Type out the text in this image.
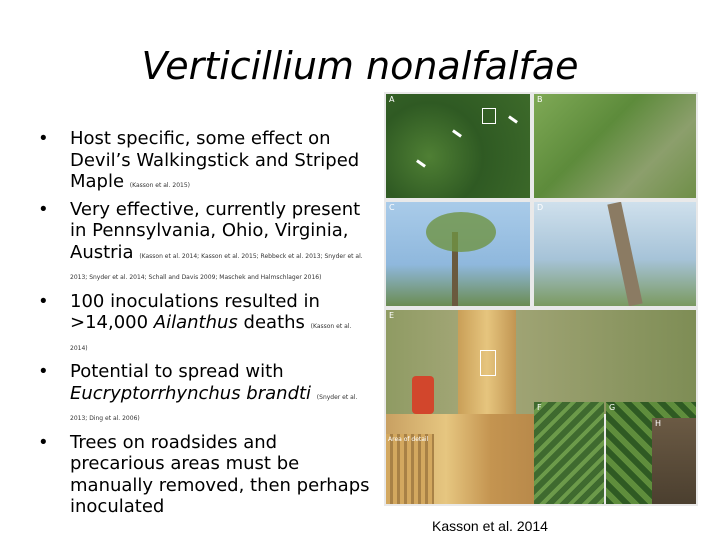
Verticillium nonalfalfae
• Host specific, some effect on Devil’s Walkingstick and Striped Maple (Kasson et al. 2015)
• Very effective, currently present in Pennsylvania, Ohio, Virginia, Austria (Kasson et al. 2014; Kasson et al. 2015; Rebbeck et al. 2013; Snyder et al. 2013; Snyder et al. 2014; Schall and Davis 2009; Maschek and Halmschlager 2016)
• 100 inoculations resulted in >14,000 Ailanthus deaths (Kasson et al. 2014)
• Potential to spread with Eucryptorrhynchus brandti (Snyder et al. 2013; Ding et al. 2006)
• Trees on roadsides and precarious areas must be manually removed, then perhaps inoculated
A	B
C	D
E
Area of detail
F	G
H
Kasson et al. 2014
